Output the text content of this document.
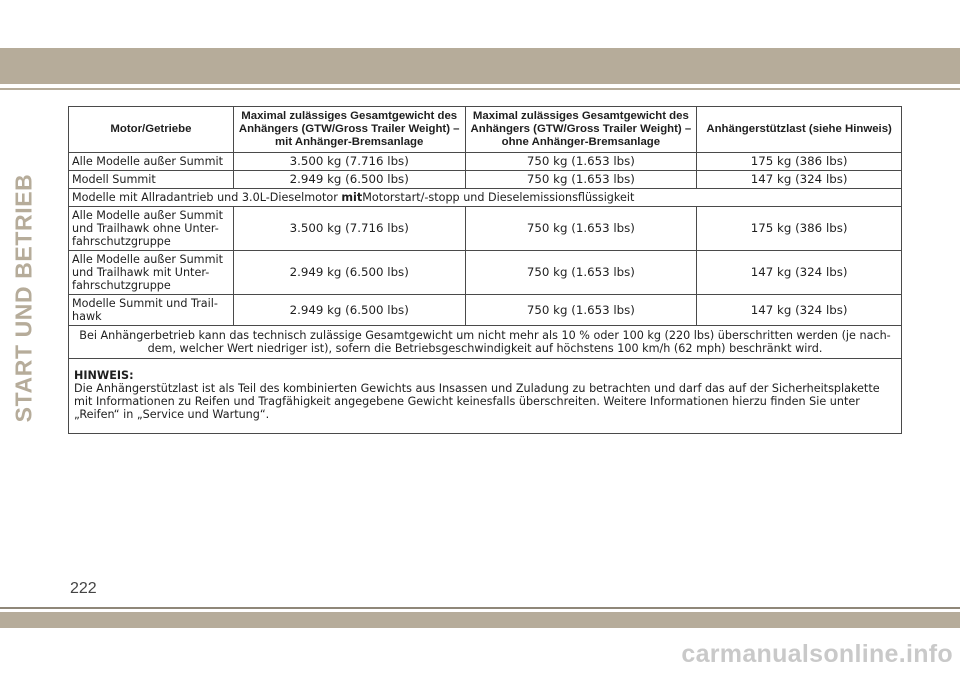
START UND BETRIEB
Motor/Getriebe	Maximal zulässiges Gesamtgewicht des Anhängers (GTW/Gross Trailer Weight) – mit Anhänger-Bremsanlage	Maximal zulässiges Gesamtgewicht des Anhängers (GTW/Gross Trailer Weight) – ohne Anhänger-Bremsanlage	Anhängerstützlast (siehe Hinweis)
Alle Modelle außer Summit	3.500 kg (7.716 lbs)	750 kg (1.653 lbs)	175 kg (386 lbs)
Modell Summit	2.949 kg (6.500 lbs)	750 kg (1.653 lbs)	147 kg (324 lbs)
Modelle mit Allradantrieb und 3.0L-Dieselmotor mitMotorstart/-stopp und Dieselemissionsflüssigkeit			
Alle Modelle außer Summit und Trailhawk ohne Unter-fahrschutzgruppe	3.500 kg (7.716 lbs)	750 kg (1.653 lbs)	175 kg (386 lbs)
Alle Modelle außer Summit und Trailhawk mit Unter-fahrschutzgruppe	2.949 kg (6.500 lbs)	750 kg (1.653 lbs)	147 kg (324 lbs)
Modelle Summit und Trail-hawk	2.949 kg (6.500 lbs)	750 kg (1.653 lbs)	147 kg (324 lbs)
Bei Anhängerbetrieb kann das technisch zulässige Gesamtgewicht um nicht mehr als 10 % oder 100 kg (220 lbs) überschritten werden (je nach-dem, welcher Wert niedriger ist), sofern die Betriebsgeschwindigkeit auf höchstens 100 km/h (62 mph) beschränkt wird.			

HINWEIS:
Die Anhängerstützlast ist als Teil des kombinierten Gewichts aus Insassen und Zuladung zu betrachten und darf das auf der Sicherheitsplakette mit Informationen zu Reifen und Tragfähigkeit angegebene Gewicht keinesfalls überschreiten. Weitere Informationen hierzu finden Sie unter „Reifen“ in „Service und Wartung“.			
222
carmanualsonline.info
